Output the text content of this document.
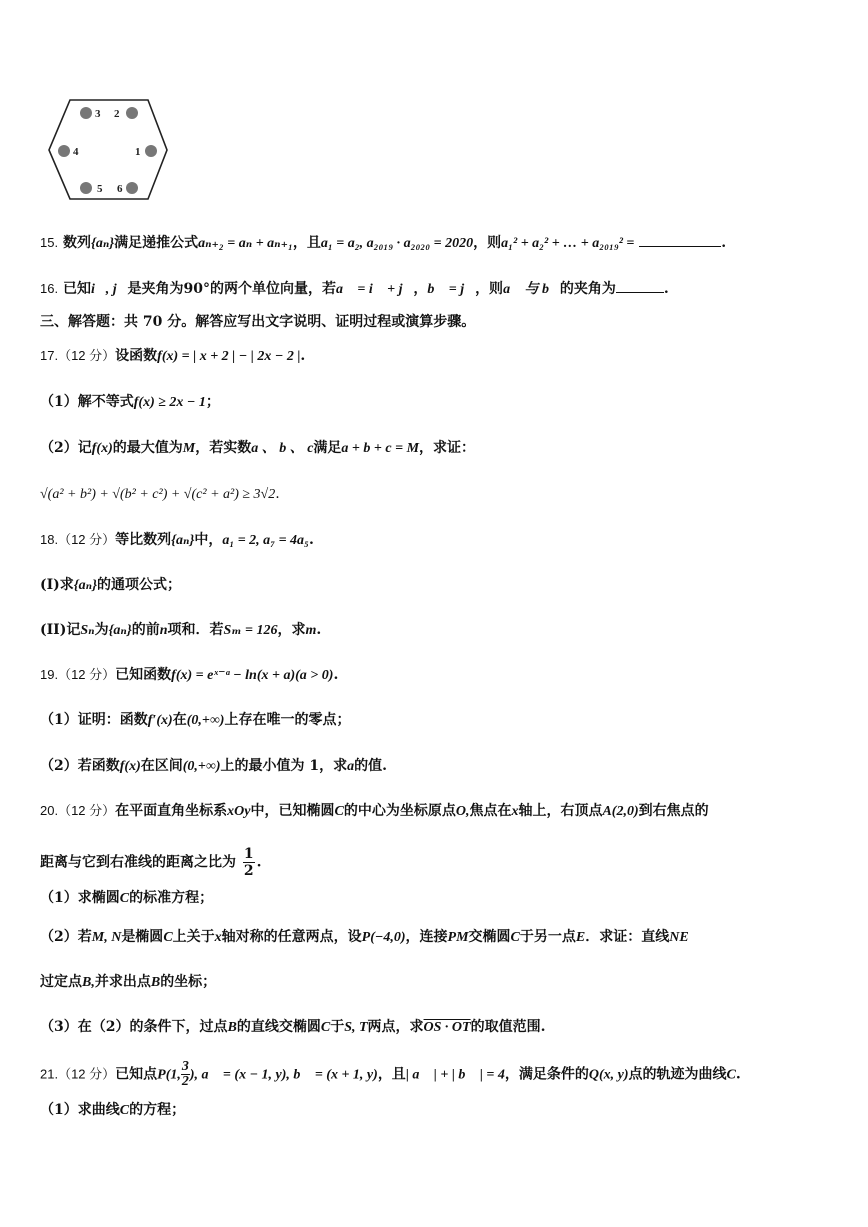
3 2
4	1
5 6
15. 数列{aₙ}满足递推公式aₙ₊₂ = aₙ + aₙ₊₁，且a₁ = a₂, a₂₀₁₉ · a₂₀₂₀ = 2020，则a₁² + a₂² + … + a₂₀₁₉² =	.
16. 已知i⃗, j⃗是夹角为90°的两个单位向量，若a⃗ = i⃗ + j⃗，b⃗ = j⃗，则a⃗ 与 b⃗的夹角为	.
三、解答题：共 70 分。解答应写出文字说明、证明过程或演算步骤。
17.（12 分）设函数f(x) = | x + 2 | − | 2x − 2 |.
（1）解不等式f(x) ≥ 2x − 1；
（2）记f(x)的最大值为M，若实数a 、 b 、 c满足a + b + c = M，求证：
√(a² + b²) + √(b² + c²) + √(c² + a²) ≥ 3√2.
18.（12 分）等比数列{aₙ}中，a₁ = 2, a₇ = 4a₅.
(I)求{aₙ}的通项公式；
(II)记Sₙ为{aₙ}的前n项和．若Sₘ = 126，求m.
19.（12 分）已知函数f(x) = eˣ⁻ᵃ − ln(x + a)(a > 0).
（1）证明：函数f′(x)在(0,+∞)上存在唯一的零点；
（2）若函数f(x)在区间(0,+∞)上的最小值为 1，求a的值.
20.（12 分）在平面直角坐标系xOy中，已知椭圆C的中心为坐标原点O,焦点在x轴上，右顶点A(2,0)到右焦点的
距离与它到右准线的距离之比为 $\frac{1}{2}$ .
（1）求椭圆C的标准方程；
（2）若M, N是椭圆C上关于x轴对称的任意两点，设P(−4,0)，连接PM交椭圆C于另一点E．求证：直线NE
过定点B,并求出点B的坐标；
（3）在（2）的条件下，过点B的直线交椭圆C于S, T两点，求OS · OT的取值范围.
21.（12 分）已知点P(1, $\frac{3}{2}$ ), a⃗ = (x − 1, y), b⃗ = (x + 1, y)，且| a⃗ | + | b⃗ | = 4，满足条件的Q(x, y)点的轨迹为曲线C.
（1）求曲线C的方程；
